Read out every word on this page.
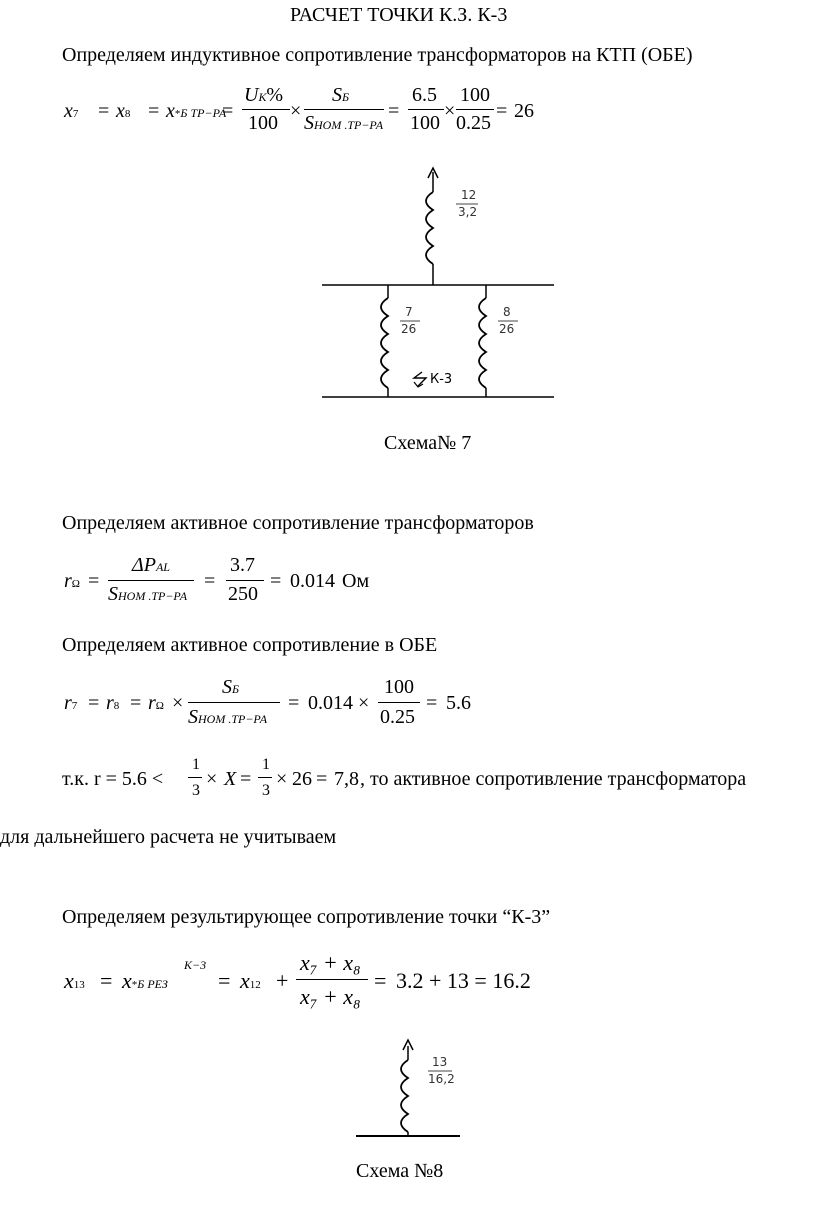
РАСЧЕТ ТОЧКИ К.З. К-3
Определяем индуктивное сопротивление трансформаторов на КТП (ОБЕ)
x7 = x8 = x*Б ТР−РА
=
UК%
100
×
SБ
SНОМ .ТР−РА
=
6.5
100
×
100
0.25
= 26
12
3,2
7
26
8
26
К-3
Схема№ 7
Определяем активное сопротивление трансформаторов
rΩ =
ΔPAL
SНОМ .ТР−РА
=
3.7
250
= 0.014 Ом
Определяем активное сопротивление в ОБЕ
r7 = r8 = rΩ ×
SБ
SНОМ .ТР−РА
= 0.014 ×
100
0.25
= 5.6
т.к. r = 5.6 <
1
3
× X =
1
3
× 26 = 7,8 , то активное сопротивление трансформатора
для дальнейшего расчета не учитываем
Определяем результирующее сопротивление точки “К-3”
x13 = x*Б РЕЗ
К−3
= x12 +
x₇ + x₈
x₇ + x₈
= 3.2 + 13 = 16.2
13
16,2
Схема №8
